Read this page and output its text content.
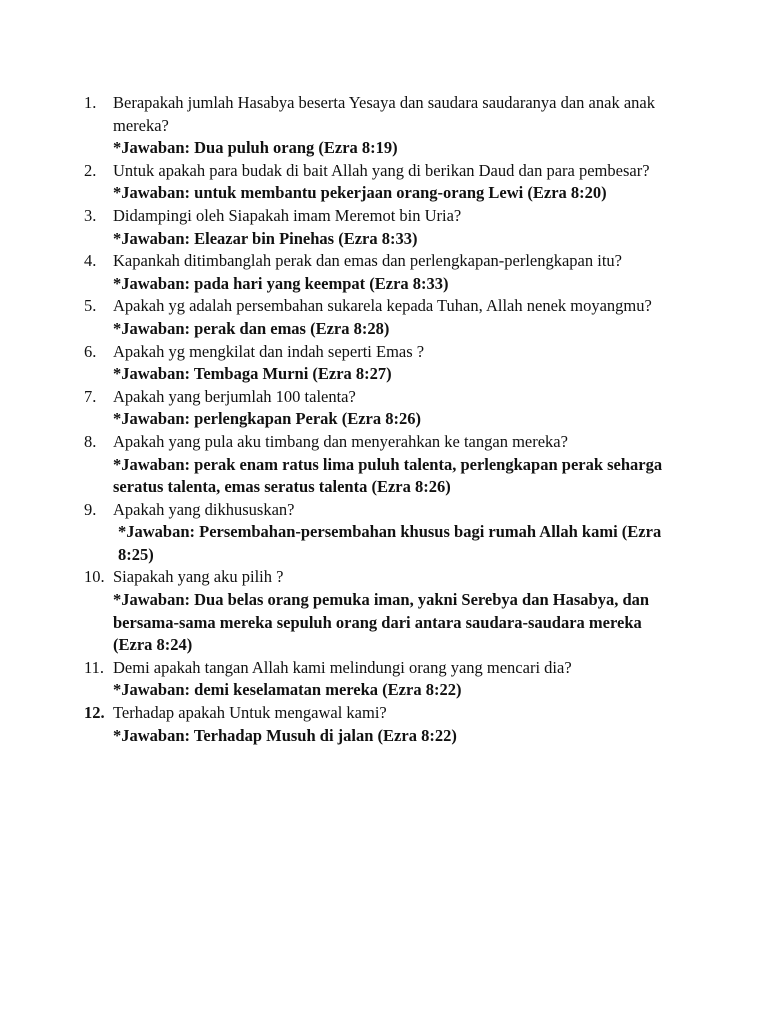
1. Berapakah jumlah Hasabya beserta Yesaya dan saudara saudaranya dan anak anak mereka?

*Jawaban: Dua puluh orang (Ezra 8:19)

2. Untuk apakah para budak di bait Allah yang di berikan Daud dan para pembesar?

*Jawaban: untuk membantu pekerjaan orang-orang Lewi (Ezra 8:20)

3. Didampingi oleh Siapakah imam Meremot bin Uria?

*Jawaban: Eleazar bin Pinehas (Ezra 8:33)

4. Kapankah ditimbanglah perak dan emas dan perlengkapan-perlengkapan itu?

*Jawaban: pada hari yang keempat (Ezra 8:33)

5. Apakah yg adalah persembahan sukarela kepada Tuhan, Allah nenek moyangmu?

*Jawaban: perak dan emas (Ezra 8:28)

6. Apakah yg mengkilat dan indah seperti Emas ?

*Jawaban: Tembaga Murni (Ezra 8:27)

7. Apakah yang berjumlah 100 talenta?

*Jawaban: perlengkapan Perak (Ezra 8:26)

8. Apakah yang pula aku timbang dan menyerahkan ke tangan mereka?

*Jawaban: perak enam ratus lima puluh talenta, perlengkapan perak seharga seratus talenta, emas seratus talenta (Ezra 8:26)

9. Apakah yang dikhususkan?

*Jawaban: Persembahan-persembahan khusus bagi rumah Allah kami (Ezra 8:25)

10. Siapakah yang aku pilih ?

*Jawaban: Dua belas orang pemuka iman, yakni Serebya dan Hasabya, dan bersama-sama mereka sepuluh orang dari antara saudara-saudara mereka (Ezra 8:24)

11. Demi apakah tangan Allah kami melindungi orang yang mencari dia?

*Jawaban: demi keselamatan mereka (Ezra 8:22)

12. Terhadap apakah Untuk mengawal kami?

*Jawaban: Terhadap Musuh di jalan (Ezra 8:22)
